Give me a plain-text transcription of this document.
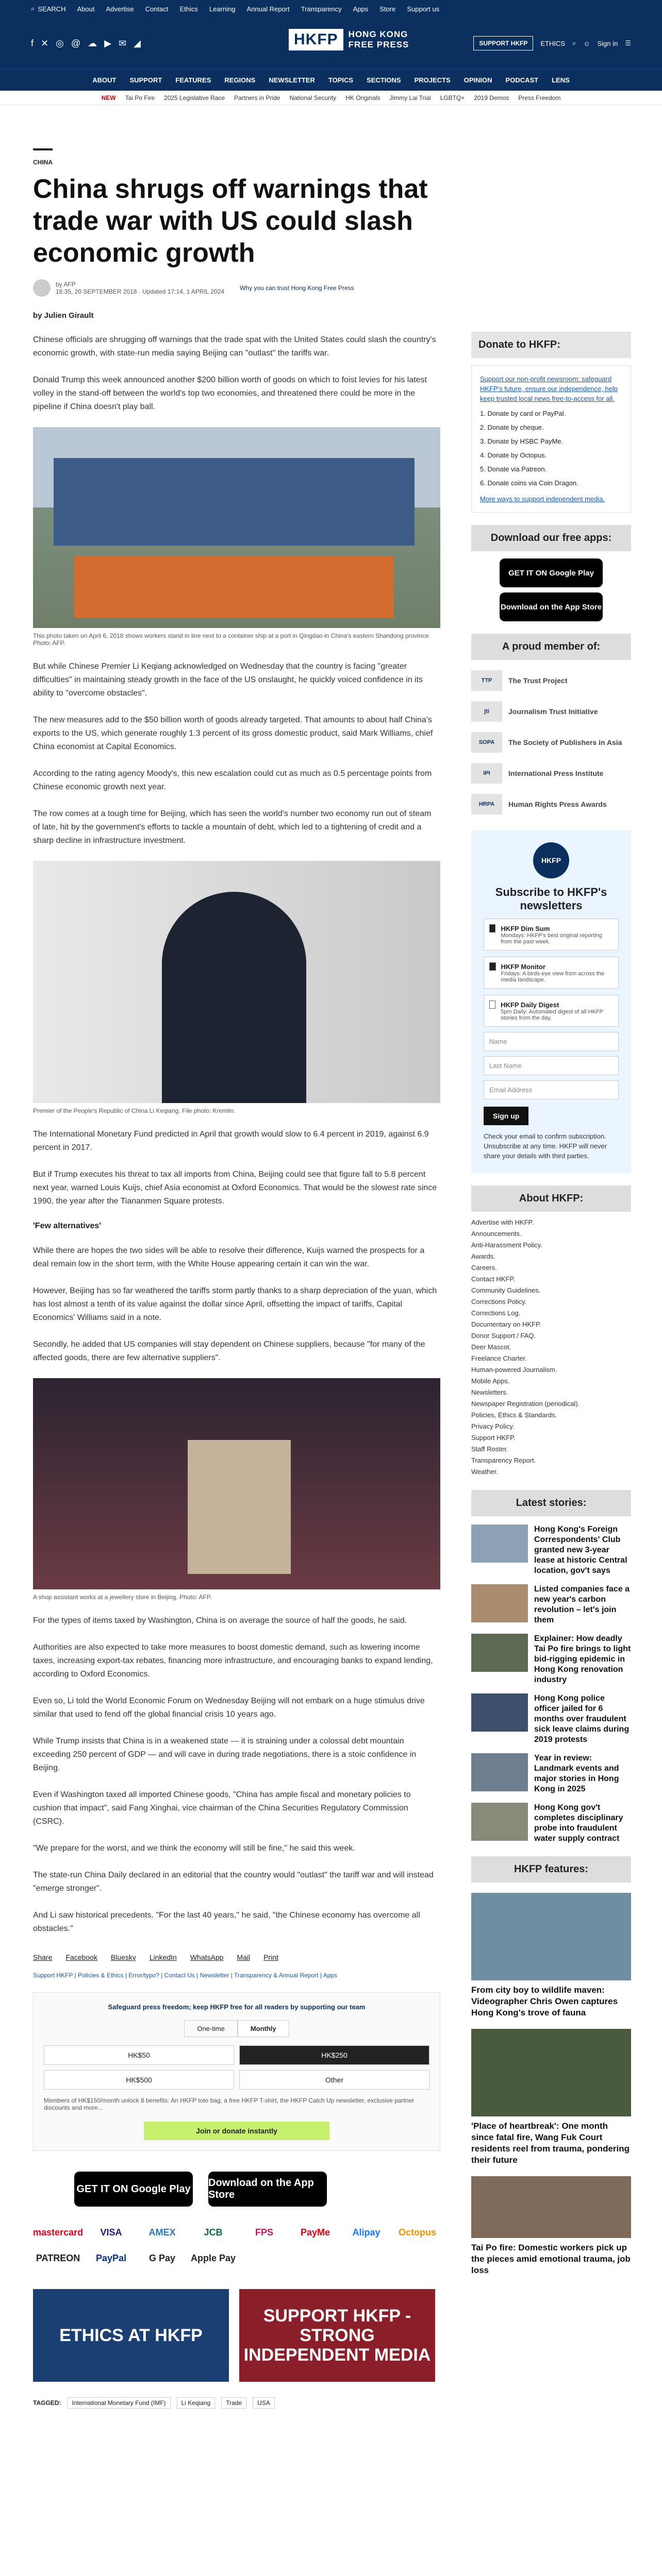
⌕ SEARCH About Advertise Contact Ethics Learning Annual Report Transparency Apps Store Support us
f ✕ ◎ @ ☁ ▶ ✉ ◢	HKFP	HONG KONG
FREE PRESS	SUPPORT HKFP	ETHICS ⌕ ☺ Sign in ☰
ABOUT SUPPORT FEATURES REGIONS NEWSLETTER TOPICS SECTIONS PROJECTS OPINION PODCAST LENS
NEW Tai Po Fire 2025 Legislative Race Partners in Pride National Security HK Originals Jimmy Lai Trial LGBTQ+ 2019 Demos Press Freedom
CHINA
China shrugs off warnings that trade war with US could slash economic growth
by AFP
16:35, 20 SEPTEMBER 2018 · Updated 17:14, 1 APRIL 2024	Why you can trust Hong Kong Free Press
by Julien Girault

Chinese officials are shrugging off warnings that the trade spat with the United States could slash the country's economic growth, with state-run media saying Beijing can "outlast" the tariffs war.

Donald Trump this week announced another $200 billion worth of goods on which to foist levies for his latest volley in the stand-off between the world's top two economies, and threatened there could be more in the pipeline if China doesn't play ball.

This photo taken on April 6, 2018 shows workers stand in line next to a container ship at a port in Qingdao in China's eastern Shandong province. Photo: AFP.

But while Chinese Premier Li Keqiang acknowledged on Wednesday that the country is facing "greater difficulties" in maintaining steady growth in the face of the US onslaught, he quickly voiced confidence in its ability to "overcome obstacles".

The new measures add to the $50 billion worth of goods already targeted. That amounts to about half China's exports to the US, which generate roughly 1.3 percent of its gross domestic product, said Mark Williams, chief China economist at Capital Economics.

According to the rating agency Moody's, this new escalation could cut as much as 0.5 percentage points from Chinese economic growth next year.

The row comes at a tough time for Beijing, which has seen the world's number two economy run out of steam of late, hit by the government's efforts to tackle a mountain of debt, which led to a tightening of credit and a sharp decline in infrastructure investment.

Premier of the People's Republic of China Li Keqiang. File photo: Kremlin.

The International Monetary Fund predicted in April that growth would slow to 6.4 percent in 2019, against 6.9 percent in 2017.

But if Trump executes his threat to tax all imports from China, Beijing could see that figure fall to 5.8 percent next year, warned Louis Kuijs, chief Asia economist at Oxford Economics. That would be the slowest rate since 1990, the year after the Tiananmen Square protests.

'Few alternatives'

While there are hopes the two sides will be able to resolve their difference, Kuijs warned the prospects for a deal remain low in the short term, with the White House appearing certain it can win the war.

However, Beijing has so far weathered the tariffs storm partly thanks to a sharp depreciation of the yuan, which has lost almost a tenth of its value against the dollar since April, offsetting the impact of tariffs, Capital Economics' Williams said in a note.

Secondly, he added that US companies will stay dependent on Chinese suppliers, because "for many of the affected goods, there are few alternative suppliers".

A shop assistant works at a jewellery store in Beijing. Photo: AFP.

For the types of items taxed by Washington, China is on average the source of half the goods, he said.

Authorities are also expected to take more measures to boost domestic demand, such as lowering income taxes, increasing export-tax rebates, financing more infrastructure, and encouraging banks to expand lending, according to Oxford Economics.

Even so, Li told the World Economic Forum on Wednesday Beijing will not embark on a huge stimulus drive similar that used to fend off the global financial crisis 10 years ago.

While Trump insists that China is in a weakened state — it is straining under a colossal debt mountain exceeding 250 percent of GDP — and will cave in during trade negotiations, there is a stoic confidence in Beijing.

Even if Washington taxed all imported Chinese goods, "China has ample fiscal and monetary policies to cushion that impact", said Fang Xinghai, vice chairman of the China Securities Regulatory Commission (CSRC).

"We prepare for the worst, and we think the economy will still be fine," he said this week.

The state-run China Daily declared in an editorial that the country would "outlast" the tariff war and will instead "emerge stronger".

And Li saw historical precedents. "For the last 40 years," he said, "the Chinese economy has overcome all obstacles."

Share Facebook Bluesky LinkedIn WhatsApp Mail Print
Support HKFP | Policies & Ethics | Error/typo? | Contact Us | Newsletter | Transparency & Annual Report | Apps
Safeguard press freedom; keep HKFP free for all readers by supporting our team
One-time	Monthly
HK$50	HK$250
HK$500	Other

Members of HK$150/month unlock 8 benefits: An HKFP tote bag, a free HKFP T-shirt, the HKFP Catch Up newsletter, exclusive partner discounts and more...

Join or donate instantly
GET IT ON Google Play
Download on the App Store
mastercard	VISA	AMEX	JCB	FPS	PayMe	Alipay	Octopus
PATREON	PayPal	G Pay	Apple Pay
ETHICS AT HKFP
SUPPORT HKFP - STRONG INDEPENDENT MEDIA
TAGGED:	International Monetary Fund (IMF)	Li Keqiang	Trade	USA
Donate to HKFP:

Support our non-profit newsroom: safeguard HKFP's future, ensure our independence, help keep trusted local news free-to-access for all.

1. Donate by card or PayPal.
2. Donate by cheque.
3. Donate by HSBC PayMe.
4. Donate by Octopus.
5. Donate via Patreon.
6. Donate coins via Coin Dragon.

More ways to support independent media.

Download our free apps:
GET IT ON Google Play
Download on the App Store
A proud member of:
TTP	The Trust Project
jti	Journalism Trust Initiative
SOPA	The Society of Publishers in Asia
IPI	International Press Institute
HRPA	Human Rights Press Awards
HKFP
Subscribe to HKFP's newsletters
HKFP Dim Sum

Mondays: HKFP's best original reporting from the past week.

HKFP Monitor

Fridays: A birds-eye view from across the media landscape.

HKFP Daily Digest

5pm Daily: Automated digest of all HKFP stories from the day.

Name
Last Name
Email Address
Sign up

Check your email to confirm subscription. Unsubscribe at any time. HKFP will never share your details with third parties.

About HKFP:
Advertise with HKFP.
Announcements.
Anti-Harassment Policy.
Awards.
Careers.
Contact HKFP.
Community Guidelines.
Corrections Policy.
Corrections Log.
Documentary on HKFP.
Donor Support / FAQ.
Deer Mascot.
Freelance Charter.
Human-powered Journalism.
Mobile Apps.
Newsletters.
Newspaper Registration (periodical).
Policies, Ethics & Standards.
Privacy Policy.
Support HKFP.
Staff Roster.
Transparency Report.
Weather.
Latest stories:
Hong Kong's Foreign Correspondents' Club granted new 3-year lease at historic Central location, gov't says
Listed companies face a new year's carbon revolution – let's join them
Explainer: How deadly Tai Po fire brings to light bid-rigging epidemic in Hong Kong renovation industry
Hong Kong police officer jailed for 6 months over fraudulent sick leave claims during 2019 protests
Year in review: Landmark events and major stories in Hong Kong in 2025
Hong Kong gov't completes disciplinary probe into fraudulent water supply contract
HKFP features:
From city boy to wildlife maven: Videographer Chris Owen captures Hong Kong's trove of fauna
'Place of heartbreak': One month since fatal fire, Wang Fuk Court residents reel from trauma, pondering their future
Tai Po fire: Domestic workers pick up the pieces amid emotional trauma, job loss
